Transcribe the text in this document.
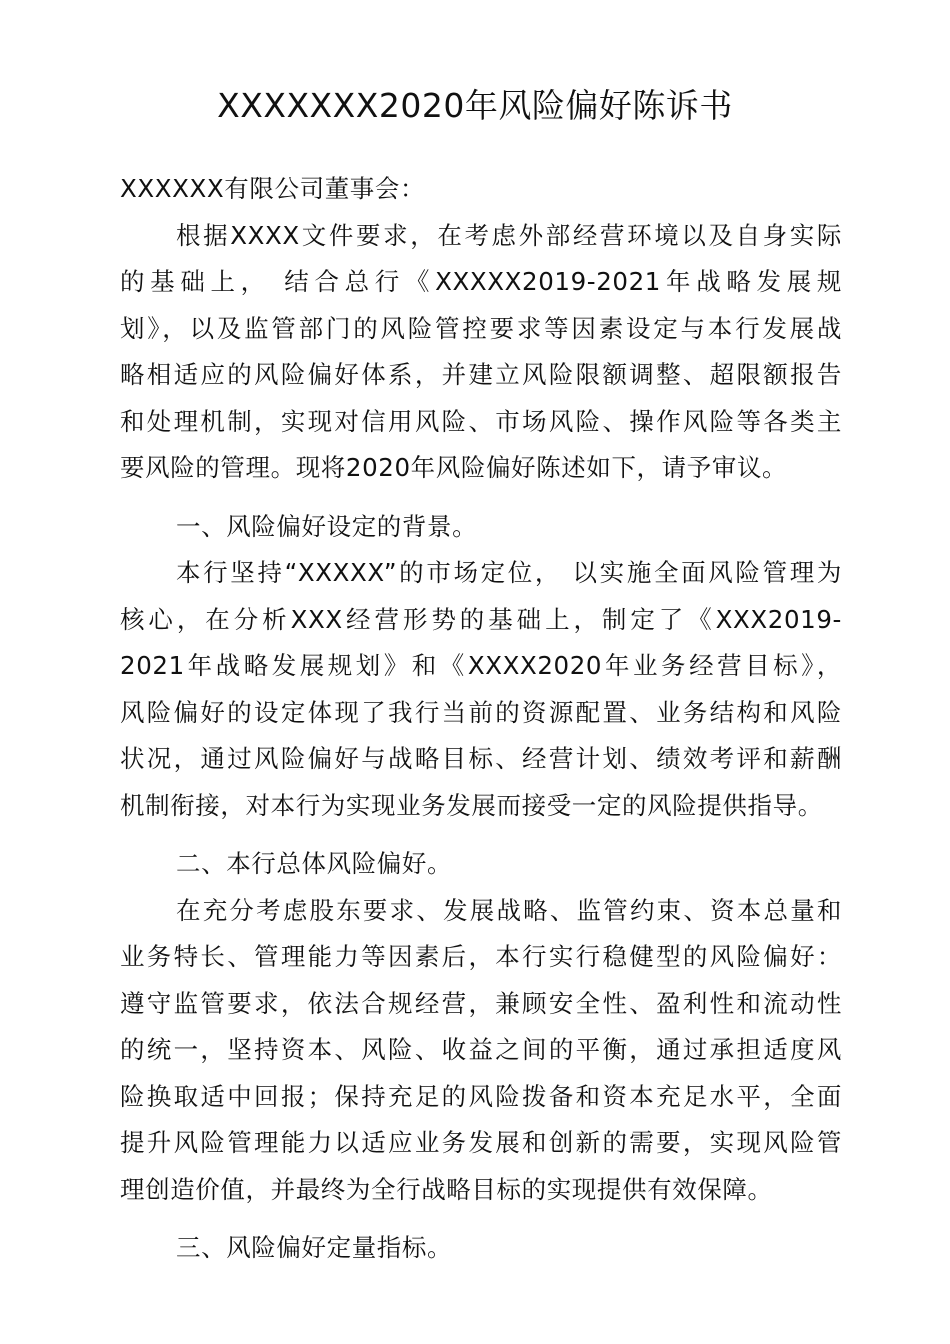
XXXXXXX2020年风险偏好陈诉书
XXXXXX有限公司董事会：
根据XXXX文件要求，在考虑外部经营环境以及自身实际
的基础上， 结合总行《XXXXX2019-2021年战略发展规
划》，以及监管部门的风险管控要求等因素设定与本行发展战
略相适应的风险偏好体系，并建立风险限额调整、超限额报告
和处理机制，实现对信用风险、市场风险、操作风险等各类主
要风险的管理。现将2020年风险偏好陈述如下，请予审议。
一、风险偏好设定的背景。
本行坚持“XXXXX”的市场定位， 以实施全面风险管理为
核心，在分析XXX经营形势的基础上，制定了《XXX2019-
2021年战略发展规划》和《XXXX2020年业务经营目标》，
风险偏好的设定体现了我行当前的资源配置、业务结构和风险
状况，通过风险偏好与战略目标、经营计划、绩效考评和薪酬
机制衔接，对本行为实现业务发展而接受一定的风险提供指导。
二、本行总体风险偏好。
在充分考虑股东要求、发展战略、监管约束、资本总量和
业务特长、管理能力等因素后，本行实行稳健型的风险偏好：
遵守监管要求，依法合规经营，兼顾安全性、盈利性和流动性
的统一，坚持资本、风险、收益之间的平衡，通过承担适度风
险换取适中回报；保持充足的风险拨备和资本充足水平，全面
提升风险管理能力以适应业务发展和创新的需要，实现风险管
理创造价值，并最终为全行战略目标的实现提供有效保障。
三、风险偏好定量指标。
